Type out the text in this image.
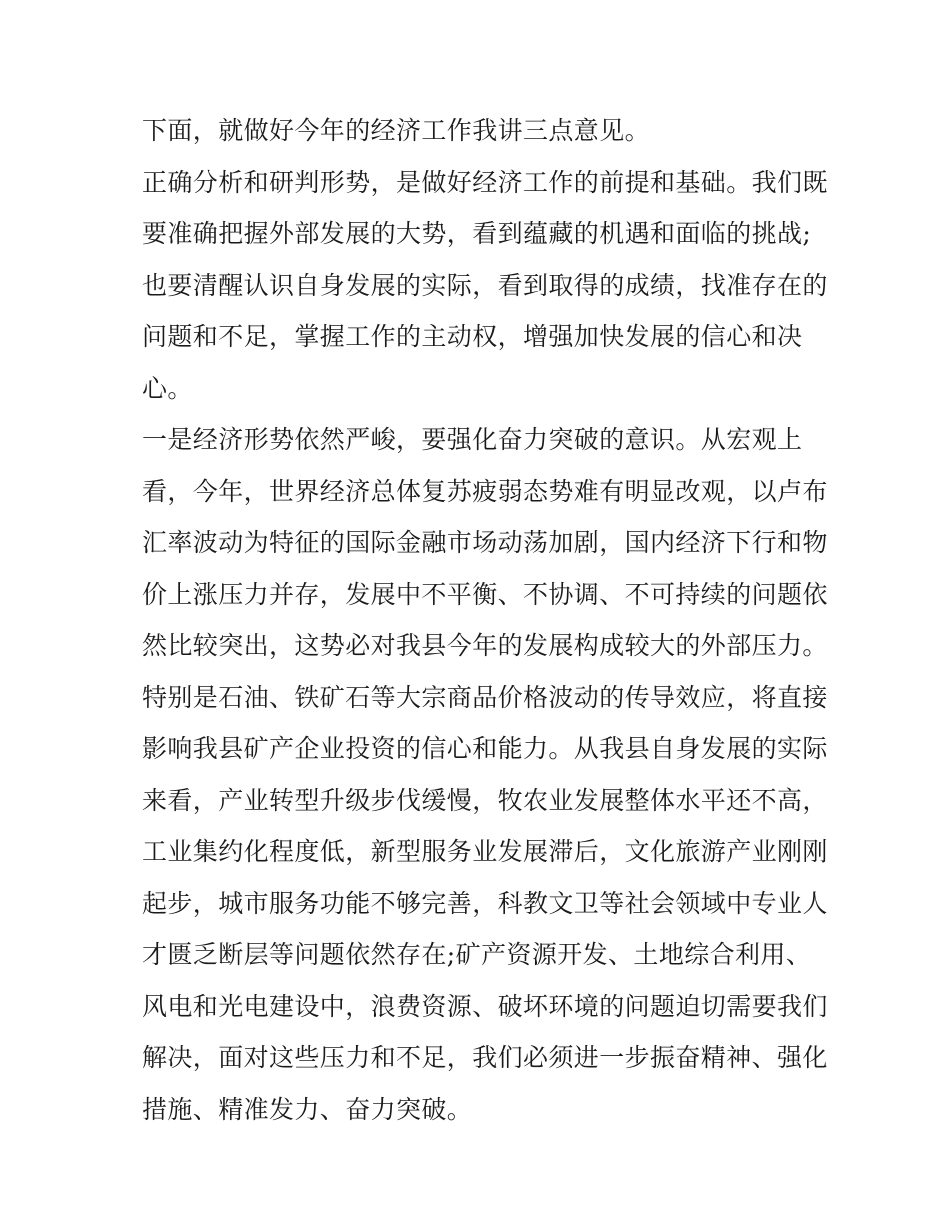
下面，就做好今年的经济工作我讲三点意见。
正确分析和研判形势，是做好经济工作的前提和基础。我们既
要准确把握外部发展的大势，看到蕴藏的机遇和面临的挑战;
也要清醒认识自身发展的实际，看到取得的成绩，找准存在的
问题和不足，掌握工作的主动权，增强加快发展的信心和决
心。
一是经济形势依然严峻，要强化奋力突破的意识。从宏观上
看，今年，世界经济总体复苏疲弱态势难有明显改观，以卢布
汇率波动为特征的国际金融市场动荡加剧，国内经济下行和物
价上涨压力并存，发展中不平衡、不协调、不可持续的问题依
然比较突出，这势必对我县今年的发展构成较大的外部压力。
特别是石油、铁矿石等大宗商品价格波动的传导效应，将直接
影响我县矿产企业投资的信心和能力。从我县自身发展的实际
来看，产业转型升级步伐缓慢，牧农业发展整体水平还不高，
工业集约化程度低，新型服务业发展滞后，文化旅游产业刚刚
起步，城市服务功能不够完善，科教文卫等社会领域中专业人
才匮乏断层等问题依然存在;矿产资源开发、土地综合利用、
风电和光电建设中，浪费资源、破坏环境的问题迫切需要我们
解决，面对这些压力和不足，我们必须进一步振奋精神、强化
措施、精准发力、奋力突破。
